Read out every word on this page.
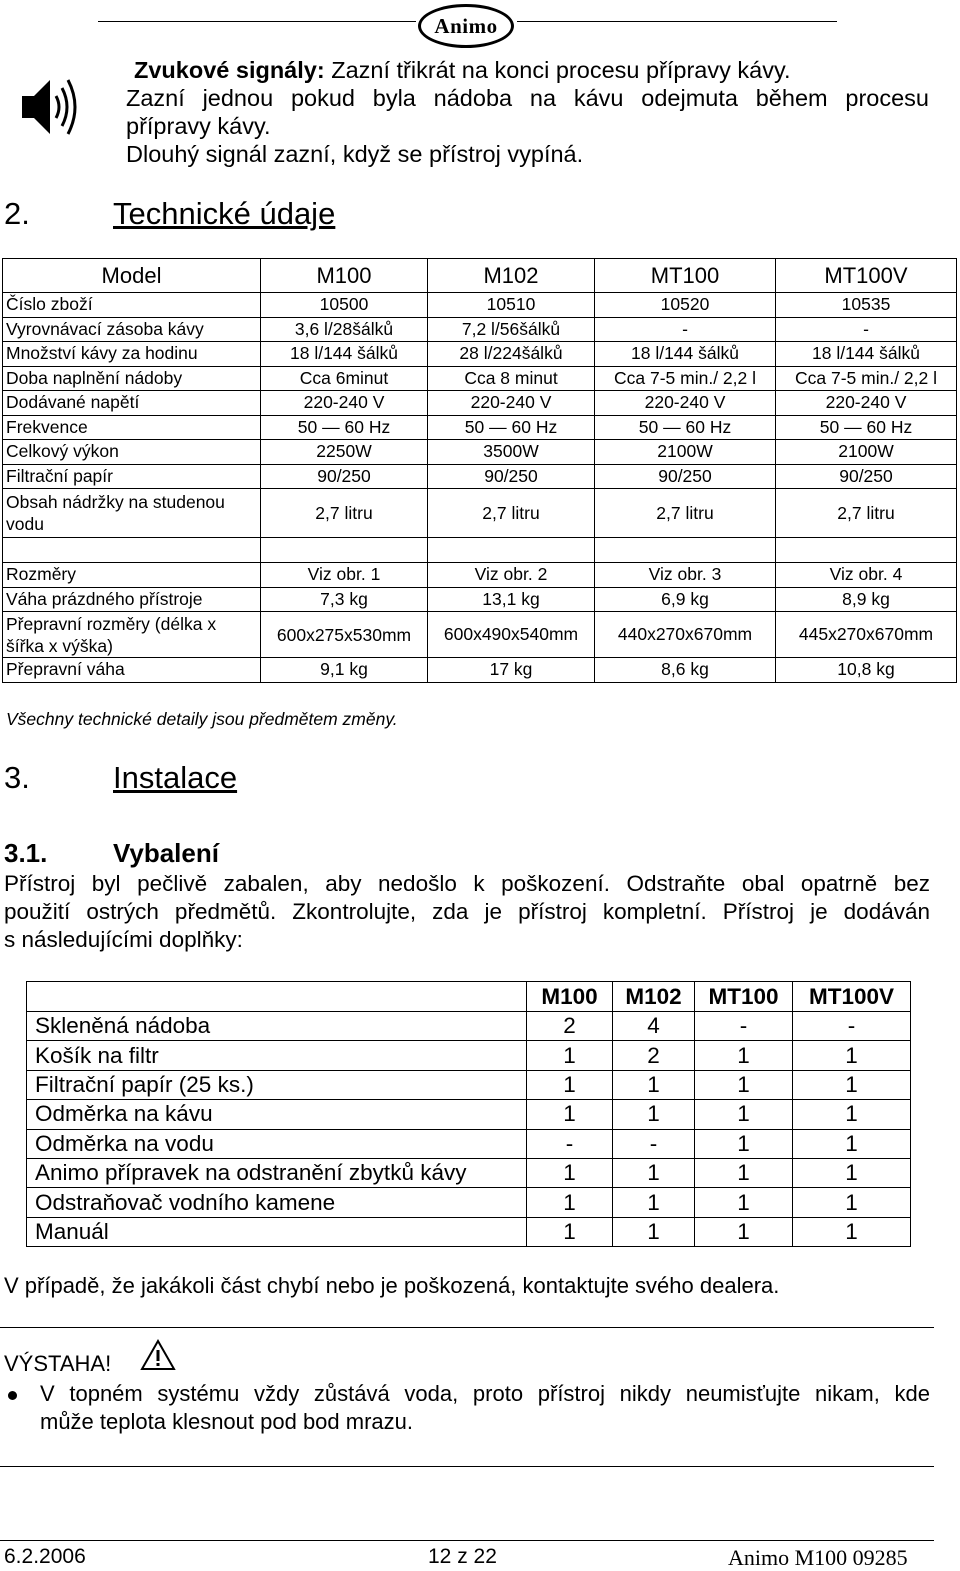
Animo
Zvukové signály: Zazní třikrát na konci procesu přípravy kávy.
Zazní jednou pokud byla nádoba na kávu odejmuta během procesu
přípravy kávy.
Dlouhý signál zazní, když se přístroj vypíná.
2.	Technické údaje
Model	M100	M102	MT100	MT100V
Číslo zboží	10500	10510	10520	10535
Vyrovnávací zásoba kávy	3,6 l/28šálků	7,2 l/56šálků	-	-
Množství kávy za hodinu	18 l/144 šálků	28 l/224šálků	18 l/144 šálků	18 l/144 šálků
Doba naplnění nádoby	Cca 6minut	Cca 8 minut	Cca 7-5 min./ 2,2 l	Cca 7-5 min./ 2,2 l
Dodávané napětí	220-240 V	220-240 V	220-240 V	220-240 V
Frekvence	50 — 60 Hz	50 — 60 Hz	50 — 60 Hz	50 — 60 Hz
Celkový výkon	2250W	3500W	2100W	2100W
Filtrační papír	90/250	90/250	90/250	90/250
Obsah nádržky na studenou vodu	2,7 litru	2,7 litru	2,7 litru	2,7 litru

Rozměry	Viz obr. 1	Viz obr. 2	Viz obr. 3	Viz obr. 4
Váha prázdného přístroje	7,3 kg	13,1 kg	6,9 kg	8,9 kg
Přepravní rozměry (délka x šířka x výška)	600x275x530mm	600x490x540mm	440x270x670mm	445x270x670mm
Přepravní váha	9,1 kg	17 kg	8,6 kg	10,8 kg
Všechny technické detaily jsou předmětem změny.
3.	Instalace
3.1.	Vybalení
Přístroj byl pečlivě zabalen, aby nedošlo k poškození. Odstraňte obal opatrně bez
použití ostrých předmětů. Zkontrolujte, zda je přístroj kompletní. Přístroj je dodáván
s následujícími doplňky:
	M100	M102	MT100	MT100V
Skleněná nádoba	2	4	-	-
Košík na filtr	1	2	1	1
Filtrační papír (25 ks.)	1	1	1	1
Odměrka na kávu	1	1	1	1
Odměrka na vodu	-	-	1	1
Animo přípravek na odstranění zbytků kávy	1	1	1	1
Odstraňovač vodního kamene	1	1	1	1
Manuál	1	1	1	1
V případě, že jakákoli část chybí nebo je poškozená, kontaktujte svého dealera.
VÝSTAHA!
V topném systému vždy zůstává voda, proto přístroj nikdy neumisťujte nikam, kde
může teplota klesnout pod bod mrazu.
6.2.2006	12 z 22	Animo M100 09285
